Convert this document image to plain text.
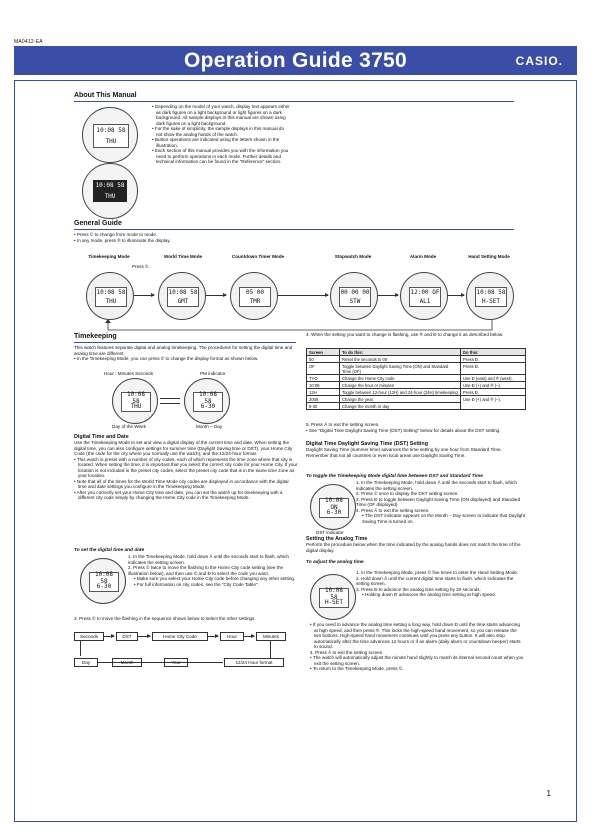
MA0412-EA
Operation Guide 3750	CASIO.
About This Manual
10:08 58
THU
10:08 58
THU

• Depending on the model of your watch, display text appears either as dark figures on a light background or light figures on a dark background. All sample displays in this manual are shown using dark figures on a light background.

• For the sake of simplicity, the sample displays in this manual do not show the analog hands of the watch.

• Button operations are indicated using the letters shown in the illustration.

• Each section of this manual provides you with the information you need to perform operations in each mode. Further details and technical information can be found in the "Reference" section.

General Guide

• Press © to change from mode to mode.

• In any mode, press ® to illuminate the display.

Timekeeping Mode	World Time Mode	Countdown Timer Mode	Stopwatch Mode	Alarm Mode	Hand Setting Mode
Press ©.
10:08 58
THU
10:08 58
GMT
05 00
TMR
00 00 00
STW
12:00 OF
AL1
10:08 58
H-SET
Timekeeping

This watch features separate digital and analog timekeeping. The procedures for setting the digital time and analog time are different.

• In the Timekeeping Mode, you can press © to change the display format as shown below.

Hour : Minutes Seconds	PM indicator
10:08 58
THU
10:08 58
6-30
Day of the Week	Month – Day
Digital Time and Date

Use the Timekeeping Mode to set and view a digital display of the current time and date. When setting the digital time, you can also configure settings for summer time (Daylight Saving time or DST), your Home City Code (the code for the city where you normally use the watch), and the 12/24-hour format.

• This watch is preset with a number of city codes, each of which represents the time zone where that city is located. When setting the time, it is important that you select the correct city code for your Home City. If your location is not included in the preset city codes, select the preset city code that is in the same time zone as your location.

• Note that all of the times for the World Time Mode city codes are displayed in accordance with the digital time and date settings you configure in the Timekeeping Mode.

• After you correctly set your Home City time and date, you can set the watch up for timekeeping with a different city code simply by changing the Home City code in the Timekeeping Mode.

To set the digital time and date
10:08 58
6-30

1. In the Timekeeping Mode, hold down Ä until the seconds start to flash, which indicates the setting screen.

2. Press © twice to move the flashing to the Home City code setting (see the illustration below), and then use © and Ð to select the code you want.

• Make sure you select your Home City code before changing any other setting.

• For full information on city codes, see the "City Code Table".

3. Press © to move the flashing in the sequence shown below to select the other settings.
Seconds	DST	Home City Code	Hour	Minutes
Day	12/24 Hour format
4. When the setting you want to change is flashing, use ® and Ð to change it as described below.
Screen	To do this:	Do this:
50	Reset the seconds to 00	Press Ð.
OF	Toggle between Daylight Saving Time (ON) and Standard Time (OF)	Press Ð.
TYO	Change the Home City code	Use Ð (east) and ® (west).
10:08	Change the hour or minutes	Use Ð (+) and ® (–).
12H	Toggle between 12-hour (12H) and 24-hour (24H) timekeeping	Press Ð.
2005	Change the year	Use Ð (+) and ® (–).
6-30	Change the month or day	

5. Press Ä to exit the setting screen.

• See "Digital Time Daylight Saving Time (DST) Setting" below for details about the DST setting.

Digital Time Daylight Saving Time (DST) Setting
Daylight Saving Time (summer time) advances the time setting by one hour from Standard Time. Remember that not all countries or even local areas use Daylight Saving Time.
To toggle the Timekeeping Mode digital time between DST and Standard Time
10:08 ON
6-30
DST indicator

1. In the Timekeeping Mode, hold down Ä until the seconds start to flash, which indicates the setting screen.

2. Press © once to display the DST setting screen.

3. Press Ð to toggle between Daylight Saving Time (ON displayed) and Standard Time (OF displayed).

4. Press Ä to exit the setting screen.

• The DST indicator appears on the Month – Day screen to indicate that Daylight Saving Time is turned on.

Setting the Analog Time
Perform the procedure below when the time indicated by the analog hands does not match the time of the digital display.
To adjust the analog time
10:08 58
H-SET

1. In the Timekeeping Mode, press © five times to enter the Hand Setting Mode.

2. Hold down Ä until the current digital time starts to flash, which indicates the setting screen.

3. Press Ð to advance the analog time setting by 20 seconds.

• Holding down Ð advances the analog time setting at high speed.

• If you need to advance the analog time setting a long way, hold down Ð until the time starts advancing at high speed, and then press ®. This locks the high-speed hand movement, so you can release the two buttons. High-speed hand movement continues until you press any button. It will also stop automatically after the time advances 12 hours or if an alarm (daily alarm or countdown beeper) starts to sound.

4. Press Ä to exit the setting screen.

• The watch will automatically adjust the minute hand slightly to match its internal second count when you exit the setting screen.

• To return to the Timekeeping Mode, press ©.

1
